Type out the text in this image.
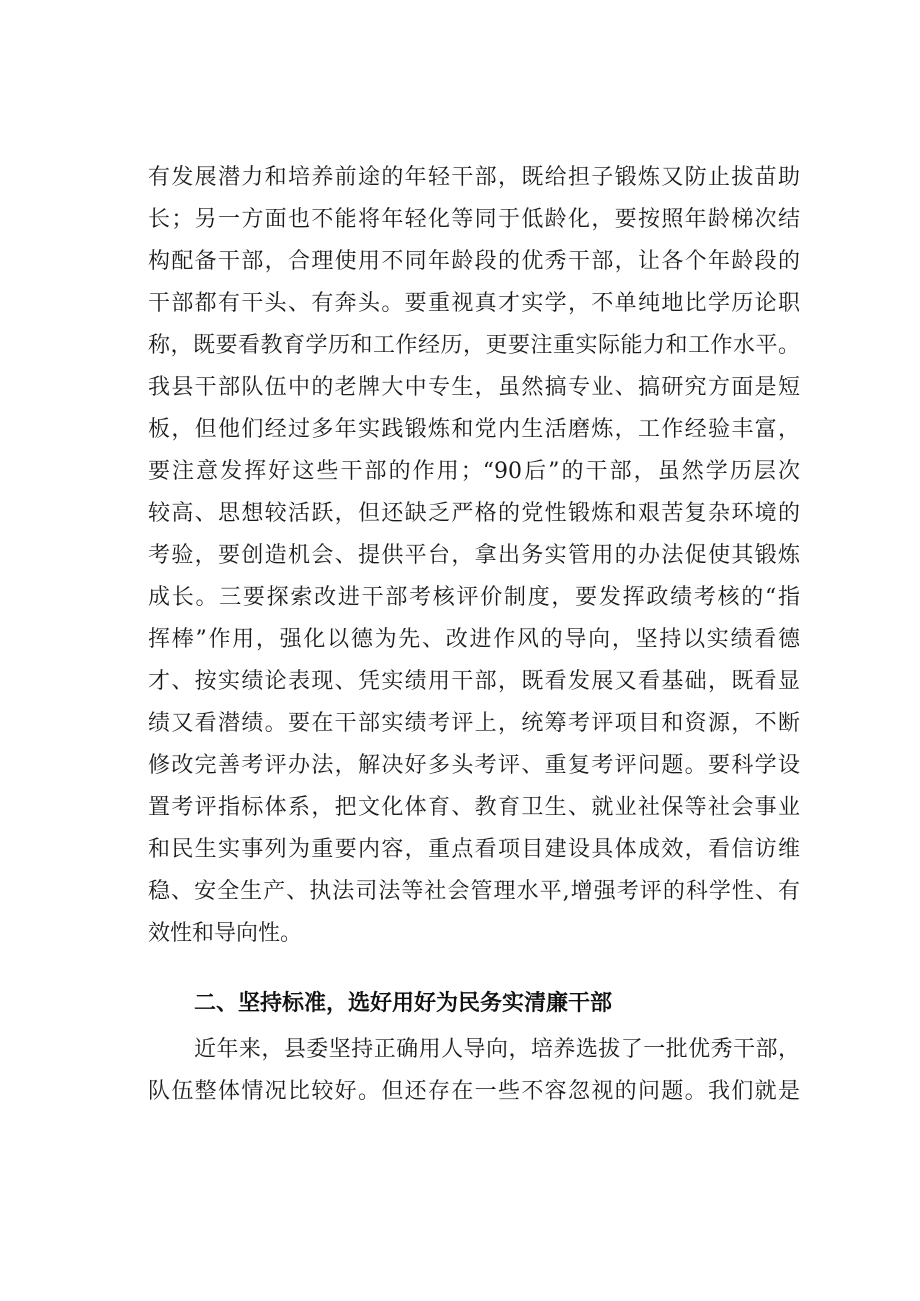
有发展潜力和培养前途的年轻干部，既给担子锻炼又防止拔苗助
长；另一方面也不能将年轻化等同于低龄化，要按照年龄梯次结
构配备干部，合理使用不同年龄段的优秀干部，让各个年龄段的
干部都有干头、有奔头。要重视真才实学，不单纯地比学历论职
称，既要看教育学历和工作经历，更要注重实际能力和工作水平。
我县干部队伍中的老牌大中专生，虽然搞专业、搞研究方面是短
板，但他们经过多年实践锻炼和党内生活磨炼，工作经验丰富，
要注意发挥好这些干部的作用；“90后”的干部，虽然学历层次
较高、思想较活跃，但还缺乏严格的党性锻炼和艰苦复杂环境的
考验，要创造机会、提供平台，拿出务实管用的办法促使其锻炼
成长。三要探索改进干部考核评价制度，要发挥政绩考核的“指
挥棒”作用，强化以德为先、改进作风的导向，坚持以实绩看德
才、按实绩论表现、凭实绩用干部，既看发展又看基础，既看显
绩又看潜绩。要在干部实绩考评上，统筹考评项目和资源，不断
修改完善考评办法，解决好多头考评、重复考评问题。要科学设
置考评指标体系，把文化体育、教育卫生、就业社保等社会事业
和民生实事列为重要内容，重点看项目建设具体成效，看信访维
稳、安全生产、执法司法等社会管理水平,增强考评的科学性、有
效性和导向性。
二、坚持标准，选好用好为民务实清廉干部
近年来，县委坚持正确用人导向，培养选拔了一批优秀干部，
队伍整体情况比较好。但还存在一些不容忽视的问题。我们就是
